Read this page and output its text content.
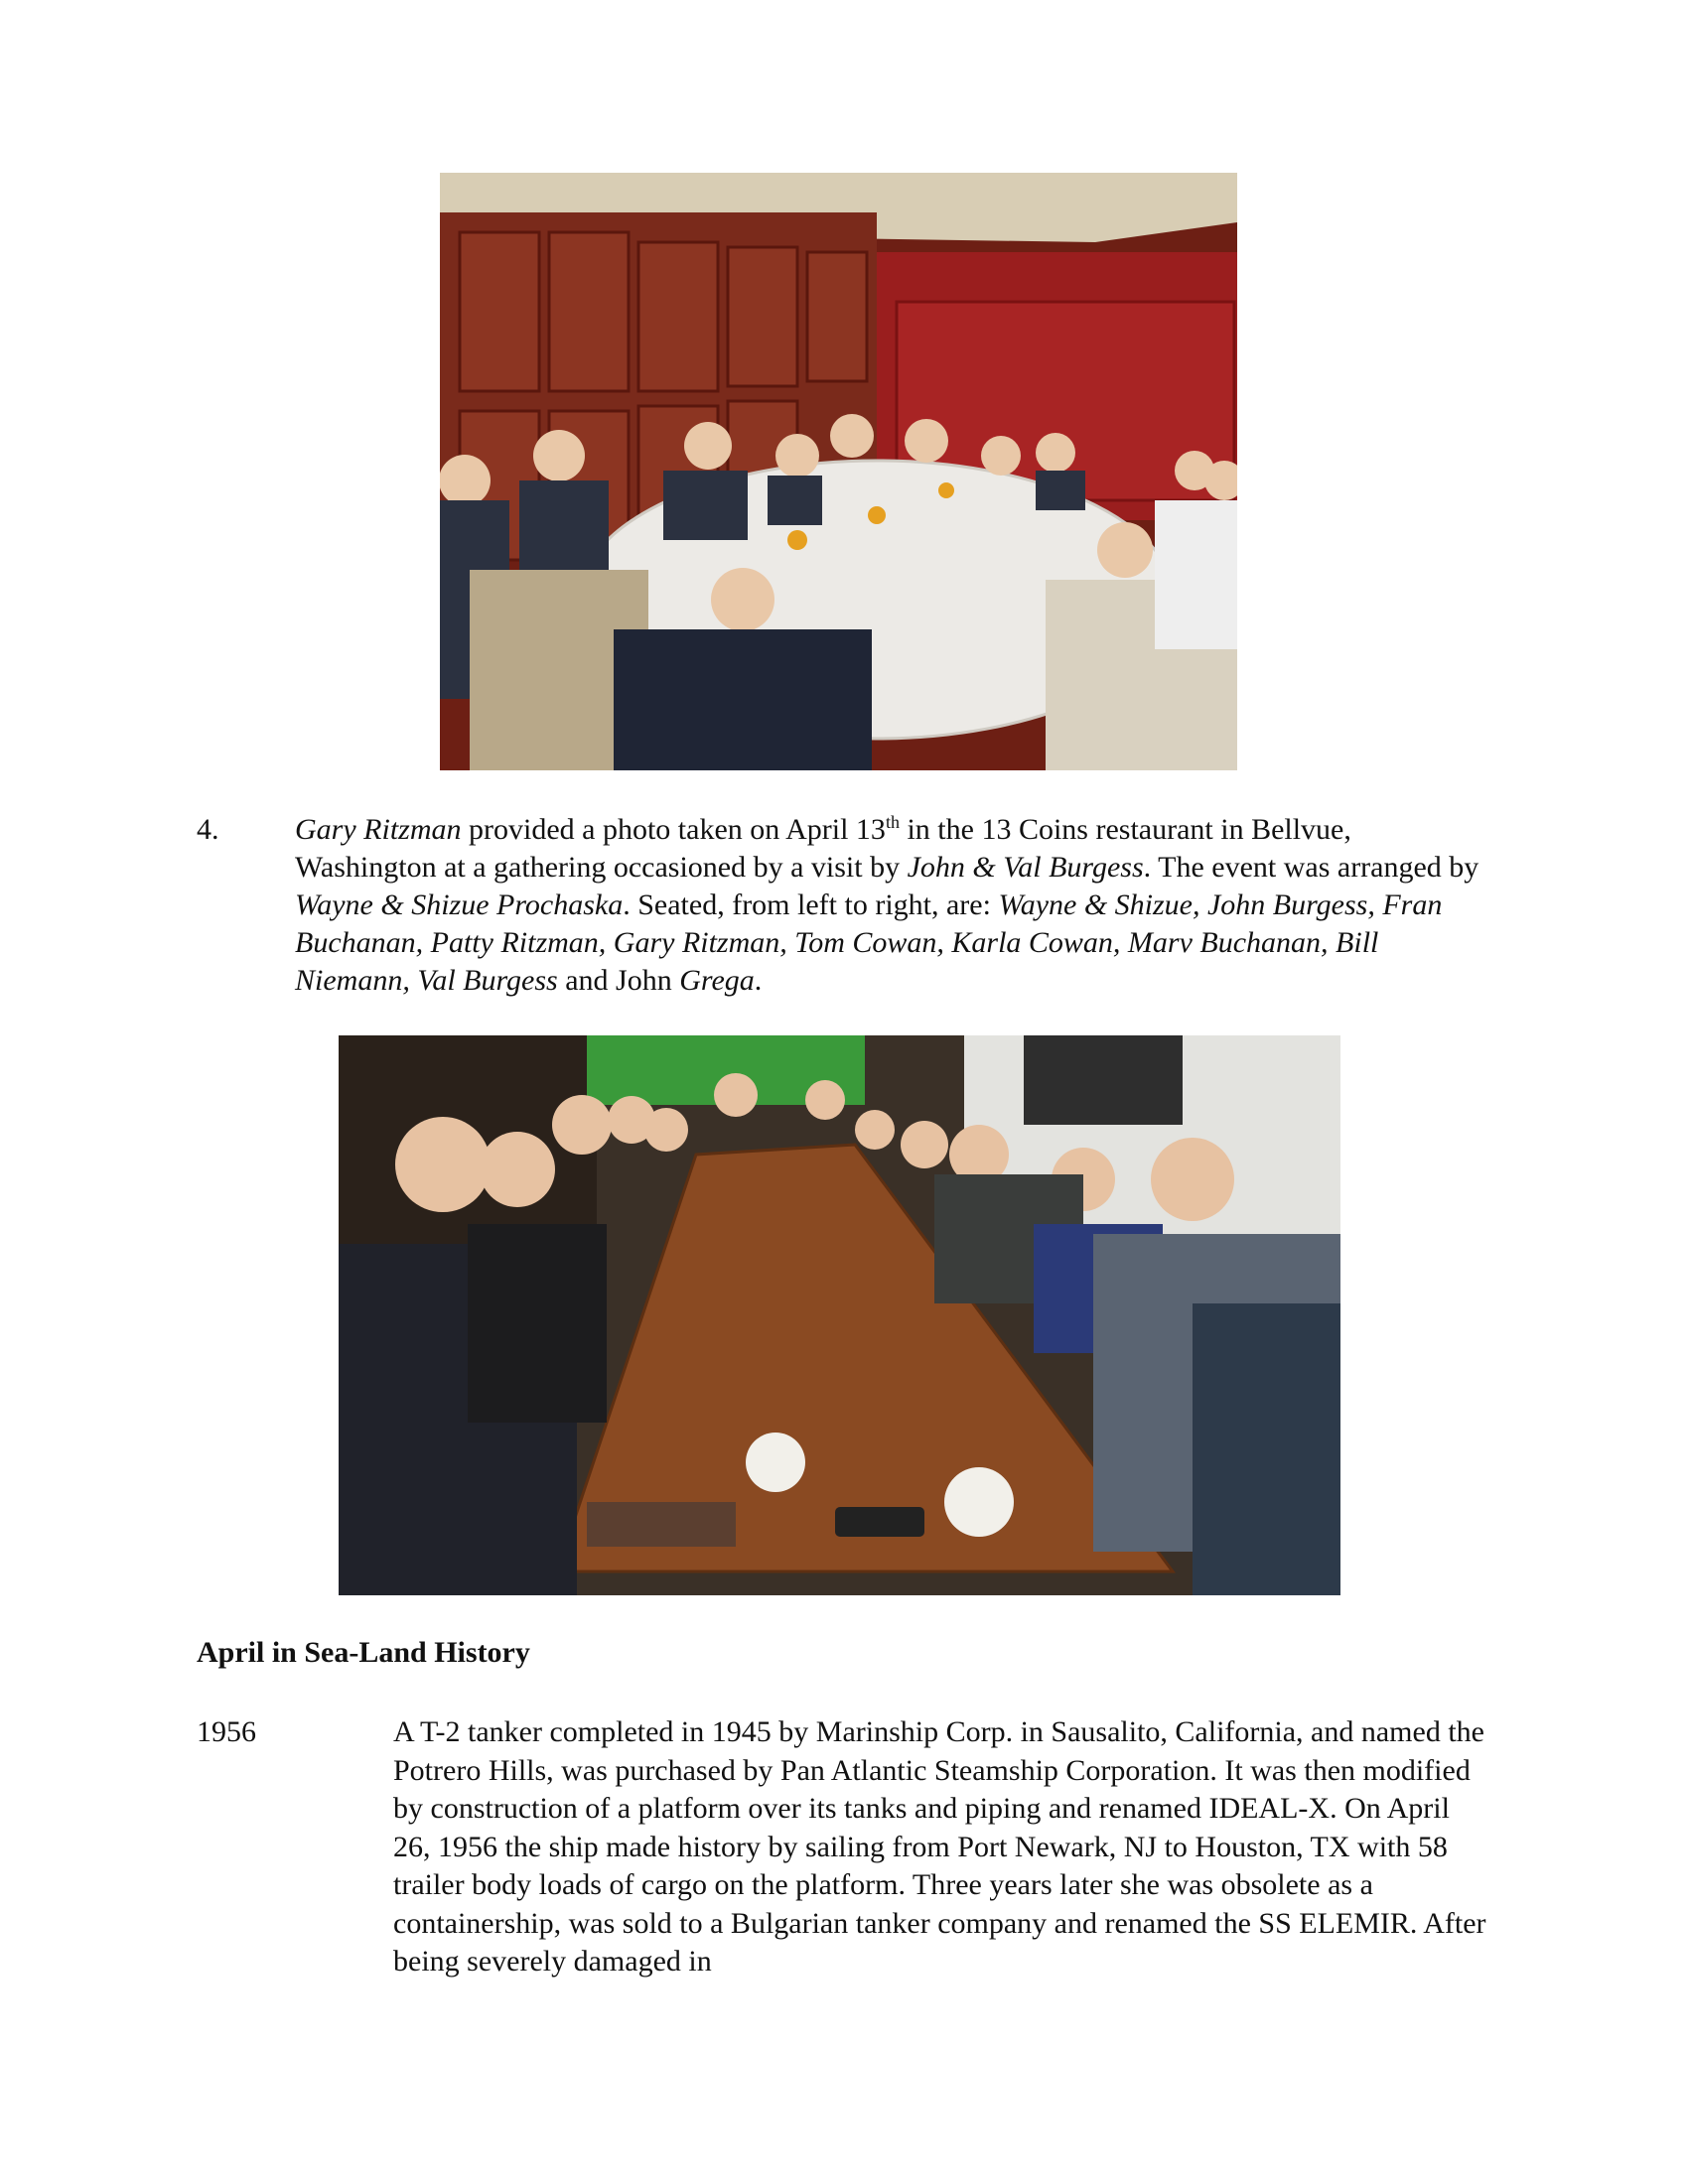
4.	Gary Ritzman provided a photo taken on April 13th in the 13 Coins restaurant in Bellvue, Washington at a gathering occasioned by a visit by John & Val Burgess. The event was arranged by Wayne & Shizue Prochaska. Seated, from left to right, are: Wayne & Shizue, John Burgess, Fran Buchanan, Patty Ritzman, Gary Ritzman, Tom Cowan, Karla Cowan, Marv Buchanan, Bill Niemann, Val Burgess and John Grega.
April in Sea-Land History
1956	A T-2 tanker completed in 1945 by Marinship Corp. in Sausalito, California, and named the Potrero Hills, was purchased by Pan Atlantic Steamship Corporation. It was then modified by construction of a platform over its tanks and piping and renamed IDEAL-X. On April 26, 1956 the ship made history by sailing from Port Newark, NJ to Houston, TX with 58 trailer body loads of cargo on the platform. Three years later she was obsolete as a containership, was sold to a Bulgarian tanker company and renamed the SS ELEMIR. After being severely damaged in
